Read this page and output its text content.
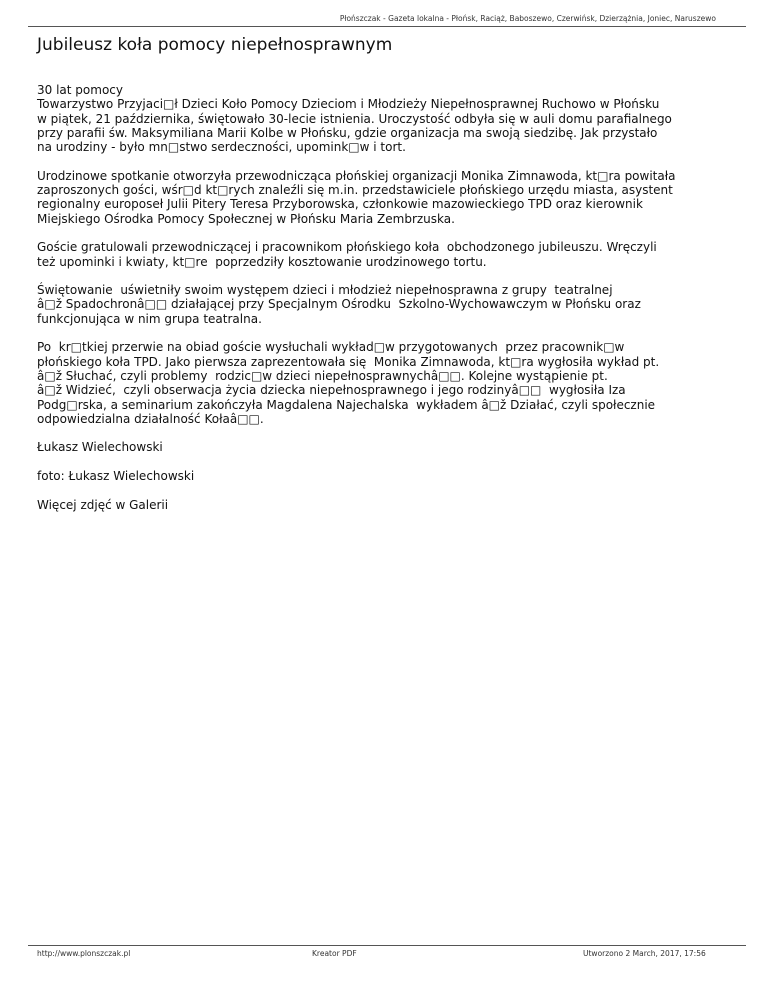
Płońszczak - Gazeta lokalna - Płońsk, Raciąż, Baboszewo, Czerwińsk, Dzierzążnia, Joniec, Naruszewo
Jubileusz koła pomocy niepełnosprawnym

30 lat pomocy
Towarzystwo Przyjaci□ł Dzieci Koło Pomocy Dzieciom i Młodzieży Niepełnosprawnej Ruchowo w Płońsku
w piątek, 21 października, świętowało 30-lecie istnienia. Uroczystość odbyła się w auli domu parafialnego
przy parafii św. Maksymiliana Marii Kolbe w Płońsku, gdzie organizacja ma swoją siedzibę. Jak przystało
na urodziny - było mn□stwo serdeczności, upomink□w i tort.

Urodzinowe spotkanie otworzyła przewodnicząca płońskiej organizacji Monika Zimnawoda, kt□ra powitała
zaproszonych gości, wśr□d kt□rych znaleźli się m.in. przedstawiciele płońskiego urzędu miasta, asystent
regionalny europoseł Julii Pitery Teresa Przyborowska, członkowie mazowieckiego TPD oraz kierownik
Miejskiego Ośrodka Pomocy Społecznej w Płońsku Maria Zembrzuska.

Goście gratulowali przewodniczącej i pracownikom płońskiego koła  obchodzonego jubileuszu. Wręczyli
też upominki i kwiaty, kt□re  poprzedziły kosztowanie urodzinowego tortu.

Świętowanie  uświetniły swoim występem dzieci i młodzież niepełnosprawna z grupy  teatralnej
â□ž Spadochronâ□□ działającej przy Specjalnym Ośrodku  Szkolno-Wychowawczym w Płońsku oraz
funkcjonująca w nim grupa teatralna.

Po  kr□tkiej przerwie na obiad goście wysłuchali wykład□w przygotowanych  przez pracownik□w
płońskiego koła TPD. Jako pierwsza zaprezentowała się  Monika Zimnawoda, kt□ra wygłosiła wykład pt.
â□ž Słuchać, czyli problemy  rodzic□w dzieci niepełnosprawnychâ□□. Kolejne wystąpienie pt.
â□ž Widzieć,  czyli obserwacja życia dziecka niepełnosprawnego i jego rodzinyâ□□  wygłosiła Iza
Podg□rska, a seminarium zakończyła Magdalena Najechalska  wykładem â□ž Działać, czyli społecznie
odpowiedzialna działalność Kołaâ□□.

Łukasz Wielechowski

foto: Łukasz Wielechowski

Więcej zdjęć w Galerii

http://www.plonszczak.pl	Kreator PDF	Utworzono 2 March, 2017, 17:56
